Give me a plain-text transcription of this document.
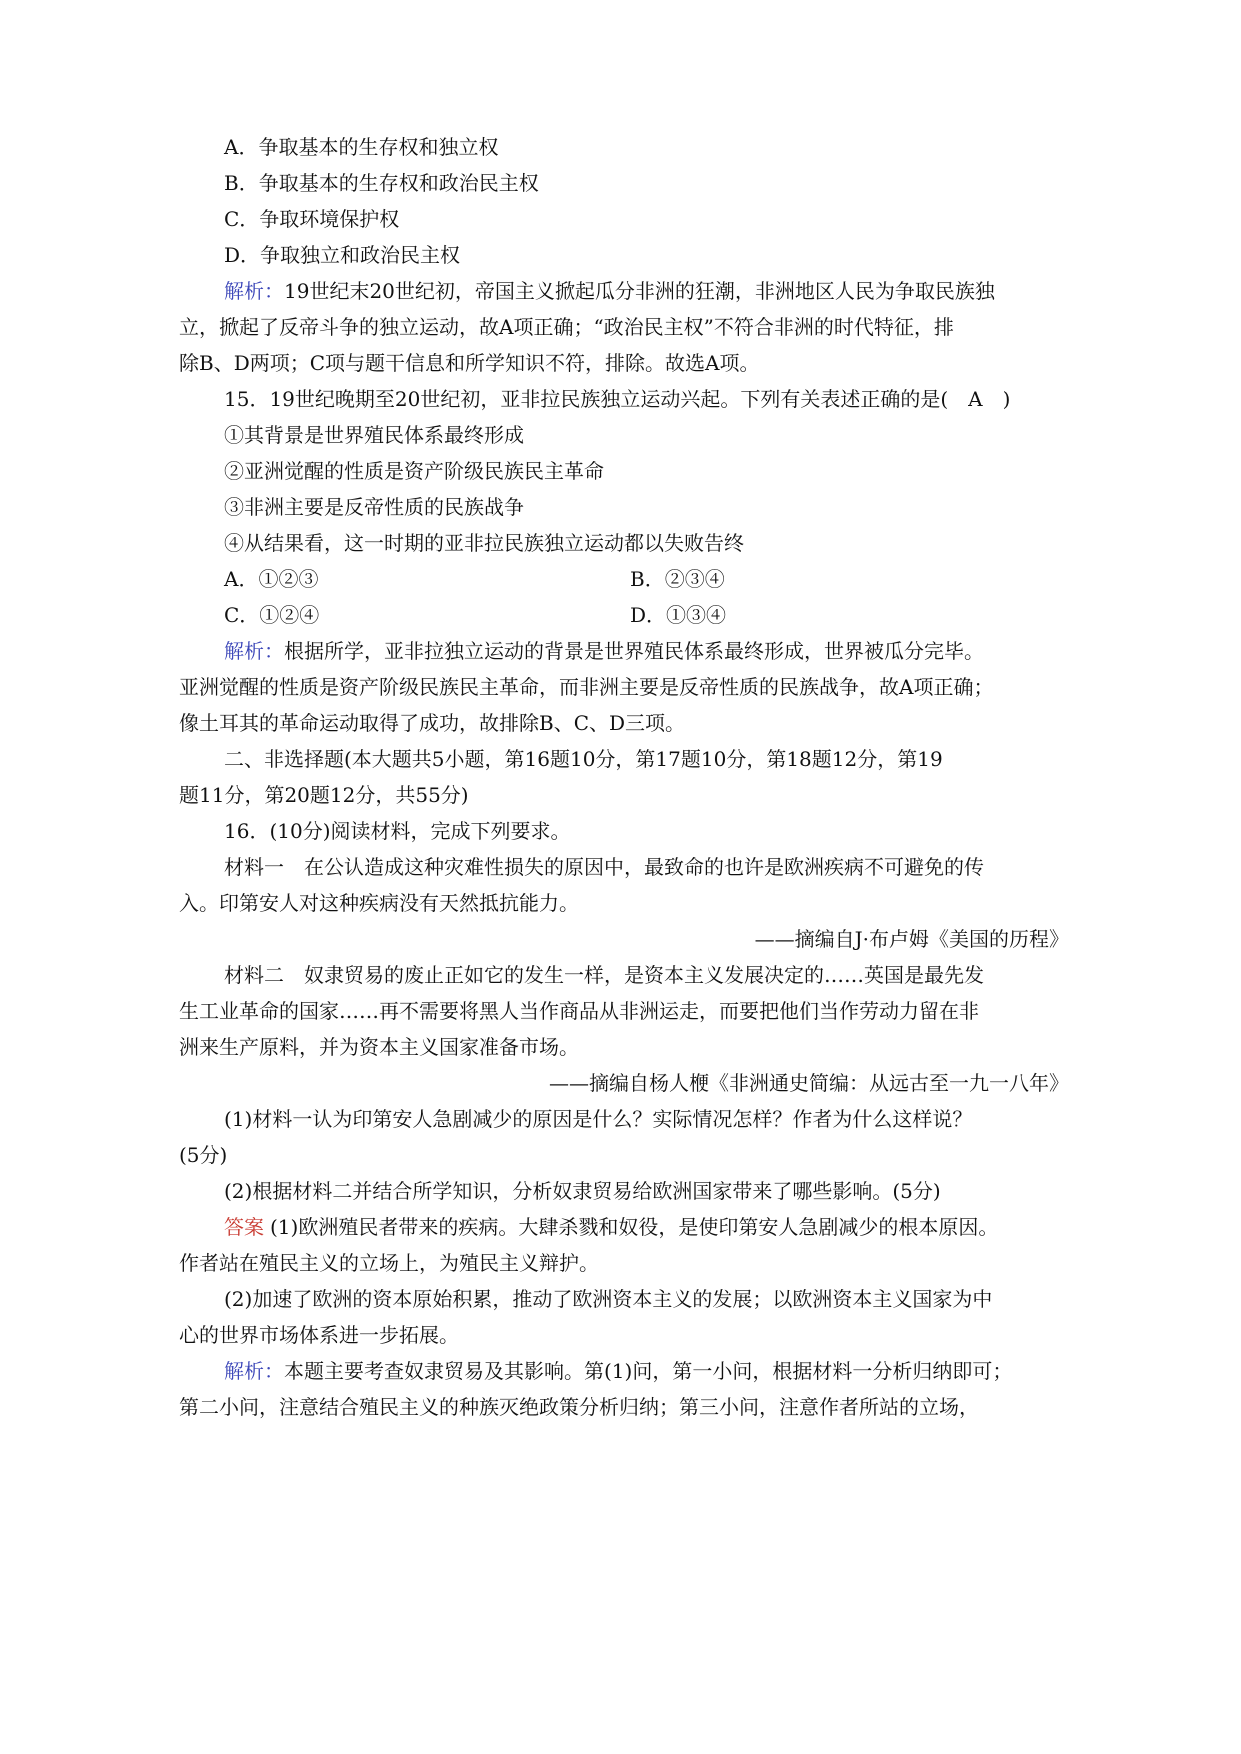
A．争取基本的生存权和独立权
B．争取基本的生存权和政治民主权
C．争取环境保护权
D．争取独立和政治民主权
解析：19世纪末20世纪初，帝国主义掀起瓜分非洲的狂潮，非洲地区人民为争取民族独
立，掀起了反帝斗争的独立运动，故A项正确；“政治民主权”不符合非洲的时代特征，排
除B、D两项；C项与题干信息和所学知识不符，排除。故选A项。
15．19世纪晚期至20世纪初，亚非拉民族独立运动兴起。下列有关表述正确的是(　A　)
①其背景是世界殖民体系最终形成
②亚洲觉醒的性质是资产阶级民族民主革命
③非洲主要是反帝性质的民族战争
④从结果看，这一时期的亚非拉民族独立运动都以失败告终
A．①②③	B．②③④
C．①②④	D．①③④
解析：根据所学，亚非拉独立运动的背景是世界殖民体系最终形成，世界被瓜分完毕。
亚洲觉醒的性质是资产阶级民族民主革命，而非洲主要是反帝性质的民族战争，故A项正确；
像土耳其的革命运动取得了成功，故排除B、C、D三项。
二、非选择题(本大题共5小题，第16题10分，第17题10分，第18题12分，第19
题11分，第20题12分，共55分)
16．(10分)阅读材料，完成下列要求。
材料一　在公认造成这种灾难性损失的原因中，最致命的也许是欧洲疾病不可避免的传
入。印第安人对这种疾病没有天然抵抗能力。
——摘编自J·布卢姆《美国的历程》
材料二　奴隶贸易的废止正如它的发生一样，是资本主义发展决定的……英国是最先发
生工业革命的国家……再不需要将黑人当作商品从非洲运走，而要把他们当作劳动力留在非
洲来生产原料，并为资本主义国家准备市场。
——摘编自杨人楩《非洲通史简编：从远古至一九一八年》
(1)材料一认为印第安人急剧减少的原因是什么？实际情况怎样？作者为什么这样说？
(5分)
(2)根据材料二并结合所学知识，分析奴隶贸易给欧洲国家带来了哪些影响。(5分)
答案 (1)欧洲殖民者带来的疾病。大肆杀戮和奴役，是使印第安人急剧减少的根本原因。
作者站在殖民主义的立场上，为殖民主义辩护。
(2)加速了欧洲的资本原始积累，推动了欧洲资本主义的发展；以欧洲资本主义国家为中
心的世界市场体系进一步拓展。
解析：本题主要考查奴隶贸易及其影响。第(1)问，第一小问，根据材料一分析归纳即可；
第二小问，注意结合殖民主义的种族灭绝政策分析归纳；第三小问，注意作者所站的立场，
